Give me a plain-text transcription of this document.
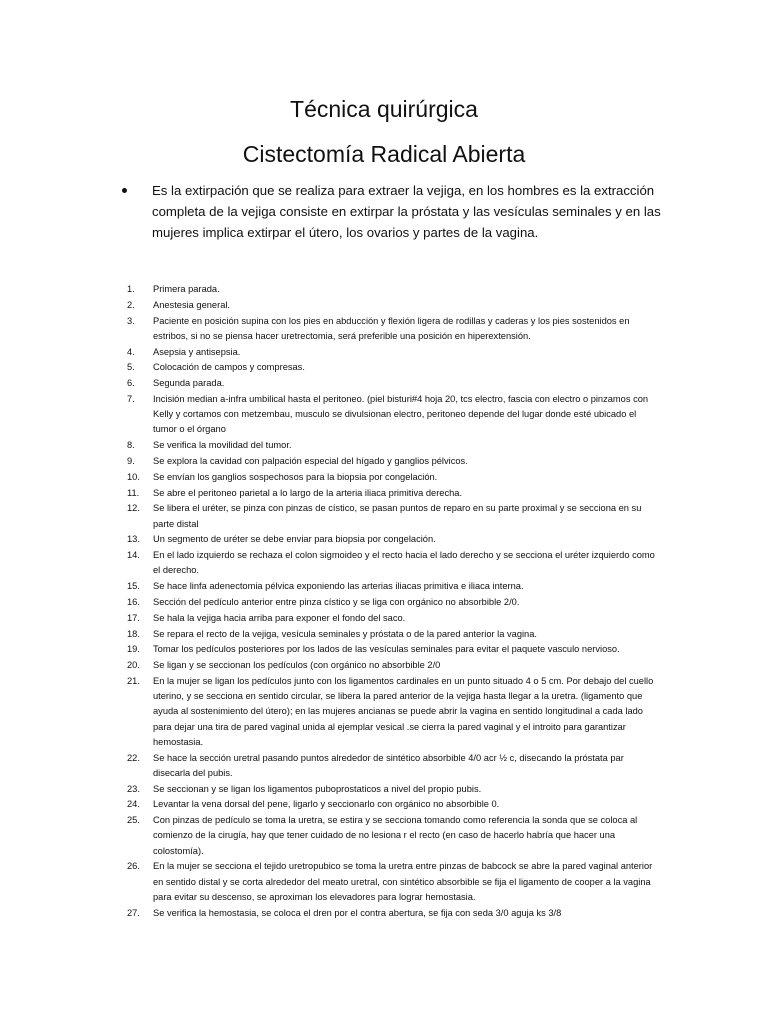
Técnica quirúrgica
Cistectomía Radical Abierta

Es la extirpación que se realiza para extraer la vejiga, en los hombres es la extracción completa de la vejiga consiste en extirpar la próstata y las vesículas seminales y en las mujeres implica extirpar el útero, los ovarios y partes de la vagina.

1.	Primera parada.
2.	Anestesia general.
3.	Paciente en posición supina con los pies en abducción y flexión ligera de rodillas y caderas y los pies sostenidos en estribos, si no se piensa hacer uretrectomia, será preferible una posición en hiperextensión.
4.	Asepsia y antisepsia.
5.	Colocación de campos y compresas.
6.	Segunda parada.
7.	Incisión median a-infra umbilical hasta el peritoneo. (piel bisturi#4 hoja 20, tcs electro, fascia con electro o pinzamos con Kelly y cortamos con metzembau, musculo se divulsionan electro, peritoneo depende del lugar donde esté ubicado el tumor o el órgano
8.	Se verifica la movilidad del tumor.
9.	Se explora la cavidad con palpación especial del hígado y ganglios pélvicos.
10.	Se envían los ganglios sospechosos para la biopsia por congelación.
11.	Se abre el peritoneo parietal a lo largo de la arteria iliaca primitiva derecha.
12.	Se libera el uréter, se pinza con pinzas de cístico, se pasan puntos de reparo en su parte proximal y se secciona en su parte distal
13.	Un segmento de uréter se debe enviar para biopsia por congelación.
14.	En el lado izquierdo se rechaza el colon sigmoideo y el recto hacia el lado derecho y se secciona el uréter izquierdo como el derecho.
15.	Se hace linfa adenectomia pélvica exponiendo las arterias iliacas primitiva e iliaca interna.
16.	Sección del pedículo anterior entre pinza cístico y se liga con orgánico no absorbible 2/0.
17.	Se hala la vejiga hacia arriba para exponer el fondo del saco.
18.	Se repara el recto de la vejiga, vesícula seminales y próstata o de la pared anterior la vagina.
19.	Tomar los pedículos posteriores por los lados de las vesículas seminales para evitar el paquete vasculo nervioso.
20.	Se ligan y se seccionan los pedículos (con orgánico no absorbible 2/0
21.	En la mujer se ligan los pedículos junto con los ligamentos cardinales en un punto situado 4 o 5 cm. Por debajo del cuello uterino, y se secciona en sentido circular, se libera la pared anterior de la vejiga hasta llegar a la uretra. (ligamento que ayuda al sostenimiento del útero); en las mujeres ancianas se puede abrir la vagina en sentido longitudinal a cada lado para dejar una tira de pared vaginal unida al ejemplar vesical .se cierra la pared vaginal y el introito para garantizar hemostasia.
22.	Se hace la sección uretral pasando puntos alrededor de sintético absorbible 4/0 acr ½ c, disecando la próstata par disecarla del pubis.
23.	Se seccionan y se ligan los ligamentos puboprostaticos a nivel del propio pubis.
24.	Levantar la vena dorsal del pene, ligarlo y seccionarlo con orgánico no absorbible 0.
25.	Con pinzas de pedículo se toma la uretra, se estira y se secciona tomando como referencia la sonda que se coloca al comienzo de la cirugía, hay que tener cuidado de no lesiona r el recto (en caso de hacerlo habría que hacer una colostomía).
26.	En la mujer se secciona el tejido uretropubico se toma la uretra entre pinzas de babcock se abre la pared vaginal anterior en sentido distal y se corta alrededor del meato uretral, con sintético absorbible se fija el ligamento de cooper a la vagina para evitar su descenso, se aproximan los elevadores para lograr hemostasia.
27.	Se verifica la hemostasia, se coloca el dren por el contra abertura, se fija con seda 3/0 aguja ks 3/8
